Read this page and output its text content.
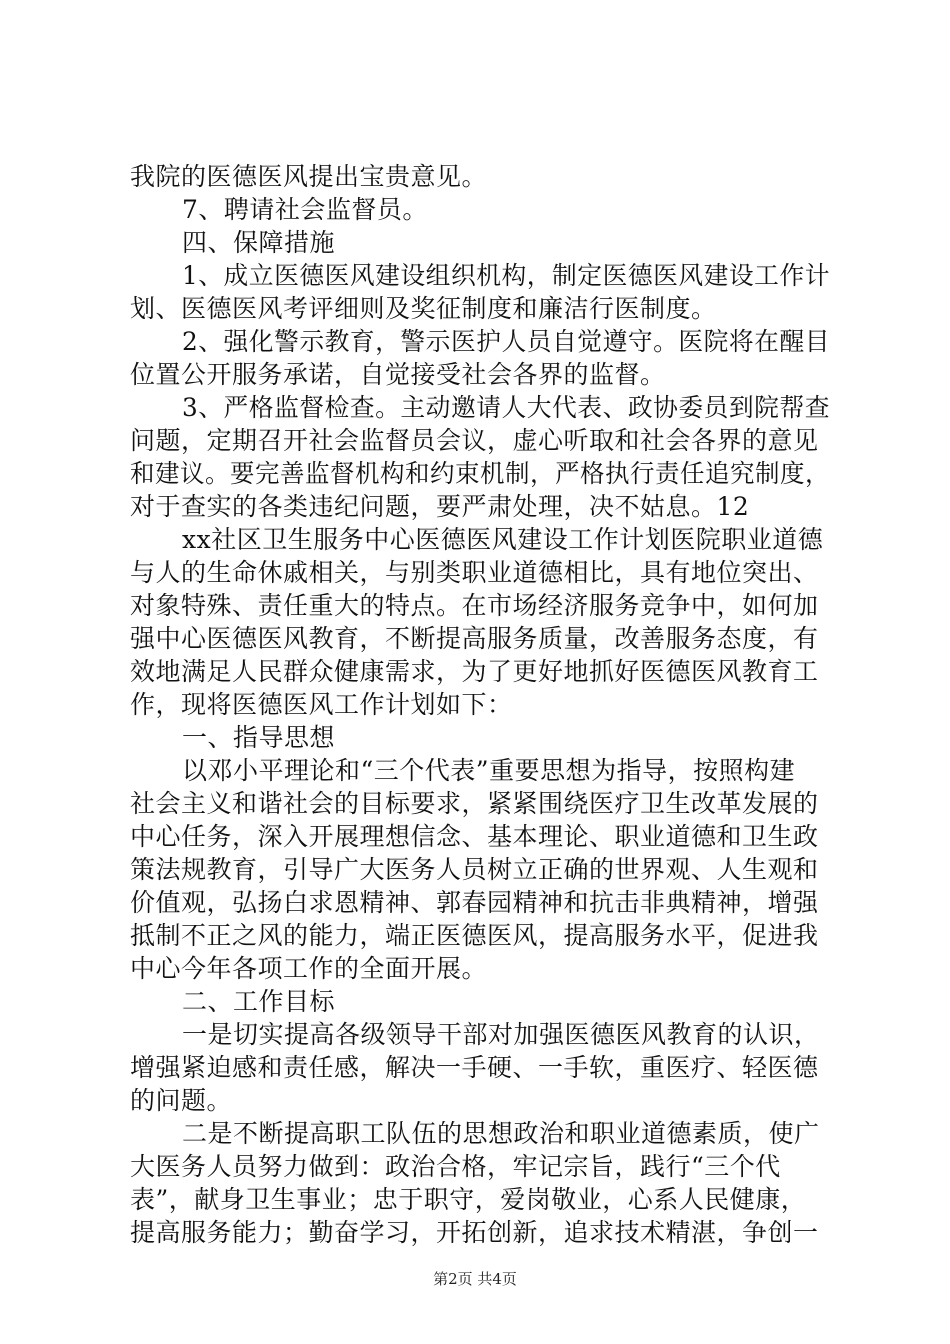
我院的医德医风提出宝贵意见。
7、聘请社会监督员。
四、保障措施
1、成立医德医风建设组织机构，制定医德医风建设工作计
划、医德医风考评细则及奖征制度和廉洁行医制度。
2、强化警示教育，警示医护人员自觉遵守。医院将在醒目
位置公开服务承诺，自觉接受社会各界的监督。
3、严格监督检查。主动邀请人大代表、政协委员到院帮查
问题，定期召开社会监督员会议，虚心听取和社会各界的意见
和建议。要完善监督机构和约束机制，严格执行责任追究制度，
对于查实的各类违纪问题，要严肃处理，决不姑息。12
xx社区卫生服务中心医德医风建设工作计划医院职业道德
与人的生命休戚相关，与别类职业道德相比，具有地位突出、
对象特殊、责任重大的特点。在市场经济服务竞争中，如何加
强中心医德医风教育，不断提高服务质量，改善服务态度，有
效地满足人民群众健康需求，为了更好地抓好医德医风教育工
作，现将医德医风工作计划如下：
一、指导思想
以邓小平理论和“三个代表”重要思想为指导，按照构建
社会主义和谐社会的目标要求，紧紧围绕医疗卫生改革发展的
中心任务，深入开展理想信念、基本理论、职业道德和卫生政
策法规教育，引导广大医务人员树立正确的世界观、人生观和
价值观，弘扬白求恩精神、郭春园精神和抗击非典精神，增强
抵制不正之风的能力，端正医德医风，提高服务水平，促进我
中心今年各项工作的全面开展。
二、工作目标
一是切实提高各级领导干部对加强医德医风教育的认识，
增强紧迫感和责任感，解决一手硬、一手软，重医疗、轻医德
的问题。
二是不断提高职工队伍的思想政治和职业道德素质，使广
大医务人员努力做到：政治合格，牢记宗旨，践行“三个代
表”，献身卫生事业；忠于职守，爱岗敬业，心系人民健康，
提高服务能力；勤奋学习，开拓创新，追求技术精湛，争创一
第2页 共4页
